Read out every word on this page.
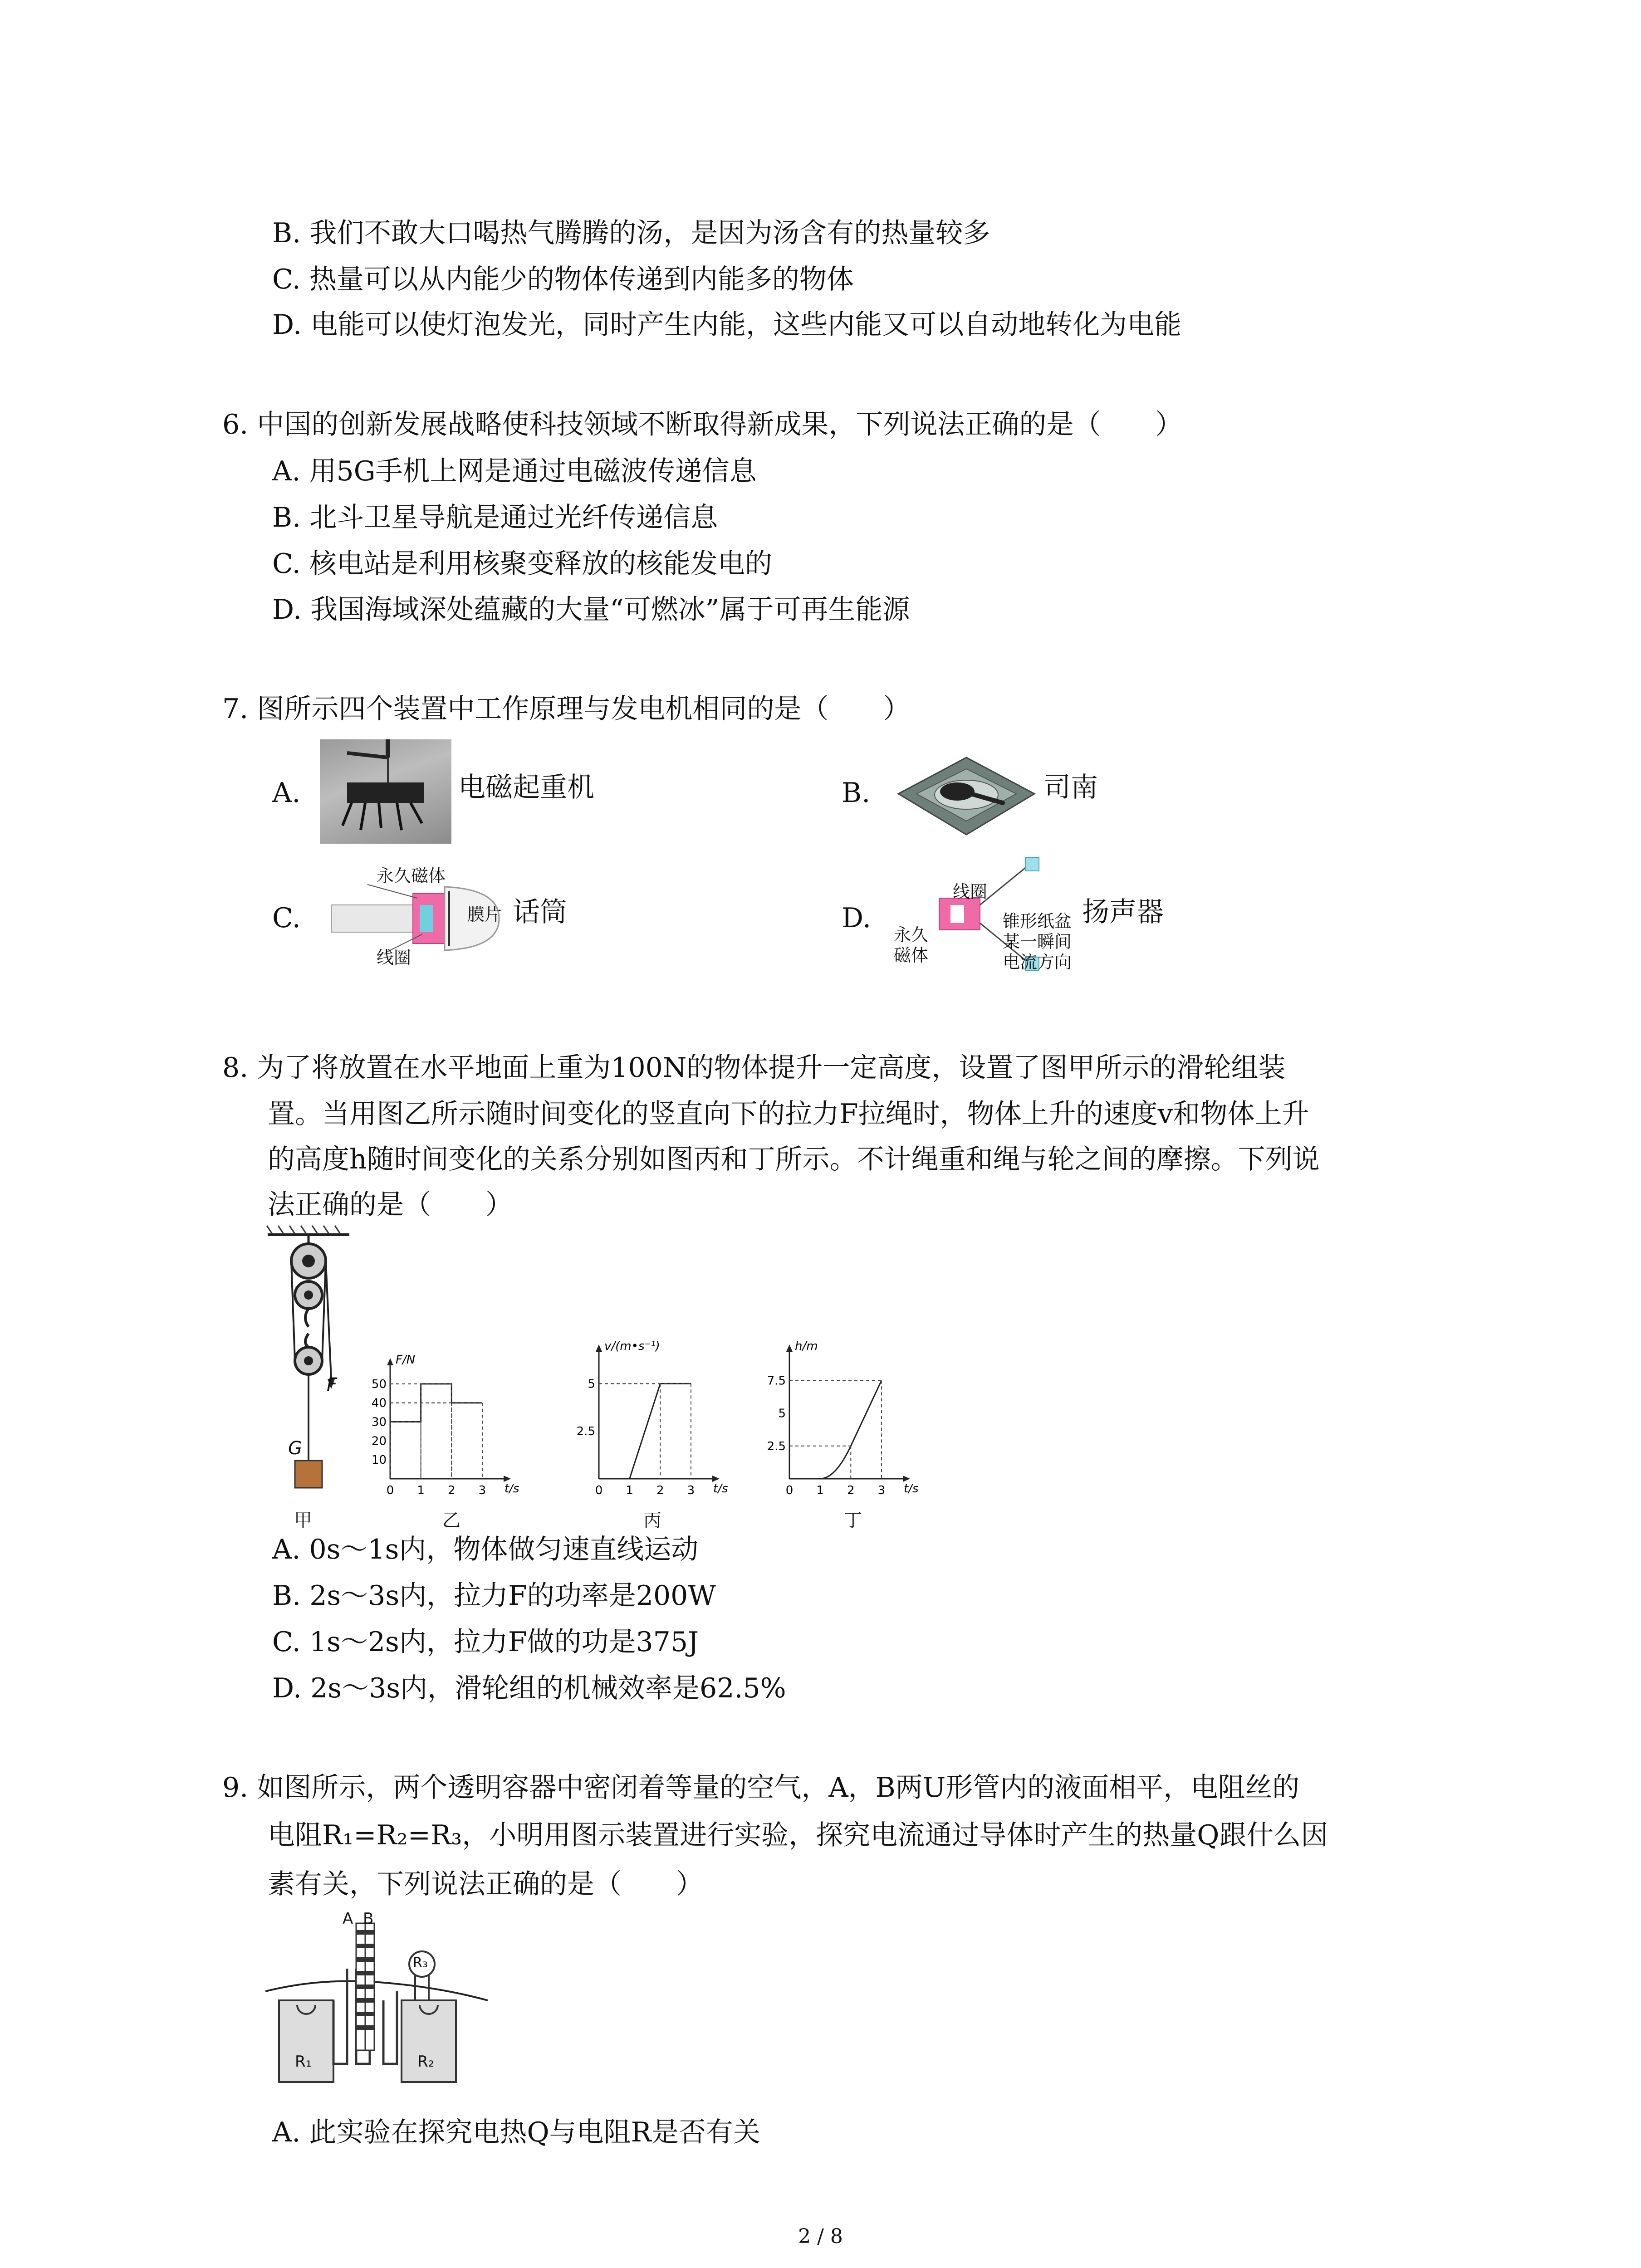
B. 我们不敢大口喝热气腾腾的汤，是因为汤含有的热量较多
C. 热量可以从内能少的物体传递到内能多的物体
D. 电能可以使灯泡发光，同时产生内能，这些内能又可以自动地转化为电能
6. 中国的创新发展战略使科技领域不断取得新成果，下列说法正确的是（　　）
A. 用5G手机上网是通过电磁波传递信息
B. 北斗卫星导航是通过光纤传递信息
C. 核电站是利用核聚变释放的核能发电的
D. 我国海域深处蕴藏的大量“可燃冰”属于可再生能源
7. 图所示四个装置中工作原理与发电机相同的是（　　）
A.	电磁起重机	B.	司南
C.
永久磁体
膜片
线圈
话筒	D.
线圈
锥形纸盆
永久
磁体
某一瞬间
电流方向
扬声器
8. 为了将放置在水平地面上重为100N的物体提升一定高度，设置了图甲所示的滑轮组装
置。当用图乙所示随时间变化的竖直向下的拉力F拉绳时，物体上升的速度v和物体上升
的高度h随时间变化的关系分别如图丙和丁所示。不计绳重和绳与轮之间的摩擦。下列说
法正确的是（　　）
F
G
甲
F/N
t/s
0 1 2 3
10
20
30
40
50
乙
v/(m•s⁻¹)
t/s
0 1 2 3
2.5
5
丙
h/m
t/s
0 1 2 3
2.5
5
7.5
丁
A. 0s～1s内，物体做匀速直线运动
B. 2s～3s内，拉力F的功率是200W
C. 1s～2s内，拉力F做的功是375J
D. 2s～3s内，滑轮组的机械效率是62.5%
9. 如图所示，两个透明容器中密闭着等量的空气，A，B两U形管内的液面相平，电阻丝的
电阻R₁=R₂=R₃，小明用图示装置进行实验，探究电流通过导体时产生的热量Q跟什么因
素有关，下列说法正确的是（　　）
A B
R₁	R₂
R₃
A. 此实验在探究电热Q与电阻R是否有关
2 / 8
